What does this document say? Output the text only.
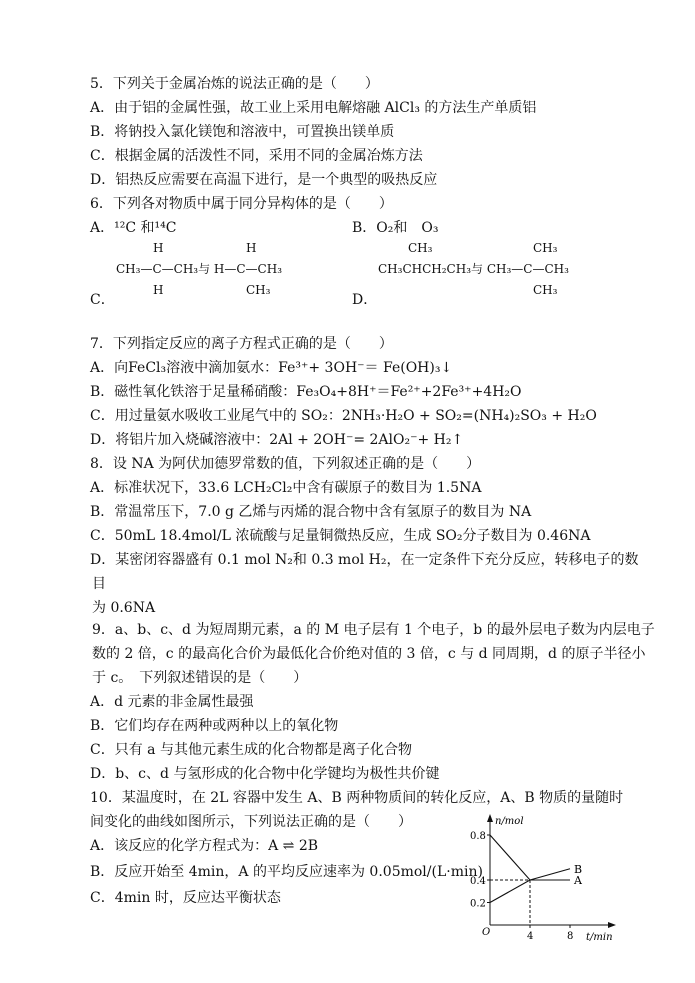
5．下列关于金属冶炼的说法正确的是（　　）
A．由于铝的金属性强，故工业上采用电解熔融 AlCl₃ 的方法生产单质铝
B．将钠投入氯化镁饱和溶液中，可置换出镁单质
C．根据金属的活泼性不同，采用不同的金属冶炼方法
D．铝热反应需要在高温下进行，是一个典型的吸热反应
6．下列各对物质中属于同分异构体的是（　　）
A．¹²C 和¹⁴C	B．O₂和　O₃
H	H
CH₃—C—CH₃与 H—C—CH₃
H	CH₃
C．
CH₃	CH₃
CH₃CHCH₂CH₃与 CH₃—C—CH₃
CH₃
D．
7．下列指定反应的离子方程式正确的是（　　）
A．向FeCl₃溶液中滴加氨水：Fe³⁺+ 3OH⁻＝ Fe(OH)₃↓
B．磁性氧化铁溶于足量稀硝酸：Fe₃O₄+8H⁺＝Fe²⁺+2Fe³⁺+4H₂O
C．用过量氨水吸收工业尾气中的 SO₂：2NH₃·H₂O + SO₂=(NH₄)₂SO₃ + H₂O
D．将铝片加入烧碱溶液中：2Al + 2OH⁻= 2AlO₂⁻+ H₂↑
8．设 NA 为阿伏加德罗常数的值，下列叙述正确的是（　　）
A．标准状况下，33.6 LCH₂Cl₂中含有碳原子的数目为 1.5NA
B．常温常压下，7.0 g 乙烯与丙烯的混合物中含有氢原子的数目为 NA
C．50mL 18.4mol/L 浓硫酸与足量铜微热反应，生成 SO₂分子数目为 0.46NA
D．某密闭容器盛有 0.1 mol N₂和 0.3 mol H₂，在一定条件下充分反应，转移电子的数
目
为 0.6NA
9．a、b、c、d 为短周期元素，a 的 M 电子层有 1 个电子，b 的最外层电子数为内层电子
数的 2 倍，c 的最高化合价为最低化合价绝对值的 3 倍，c 与 d 同周期，d 的原子半径小
于 c。　下列叙述错误的是（　　）
A．d 元素的非金属性最强
B．它们均存在两种或两种以上的氧化物
C．只有 a 与其他元素生成的化合物都是离子化合物
D．b、c、d 与氢形成的化合物中化学键均为极性共价键
10．某温度时，在 2L 容器中发生 A、B 两种物质间的转化反应，A、B 物质的量随时
间变化的曲线如图所示，下列说法正确的是（　　）
A．该反应的化学方程式为：A ⇌ 2B
B．反应开始至 4min，A 的平均反应速率为 0.05mol/(L·min)
C．4min 时，反应达平衡状态
n/mol
t/min
O
0.8
0.4
0.2
4	8
A
B
